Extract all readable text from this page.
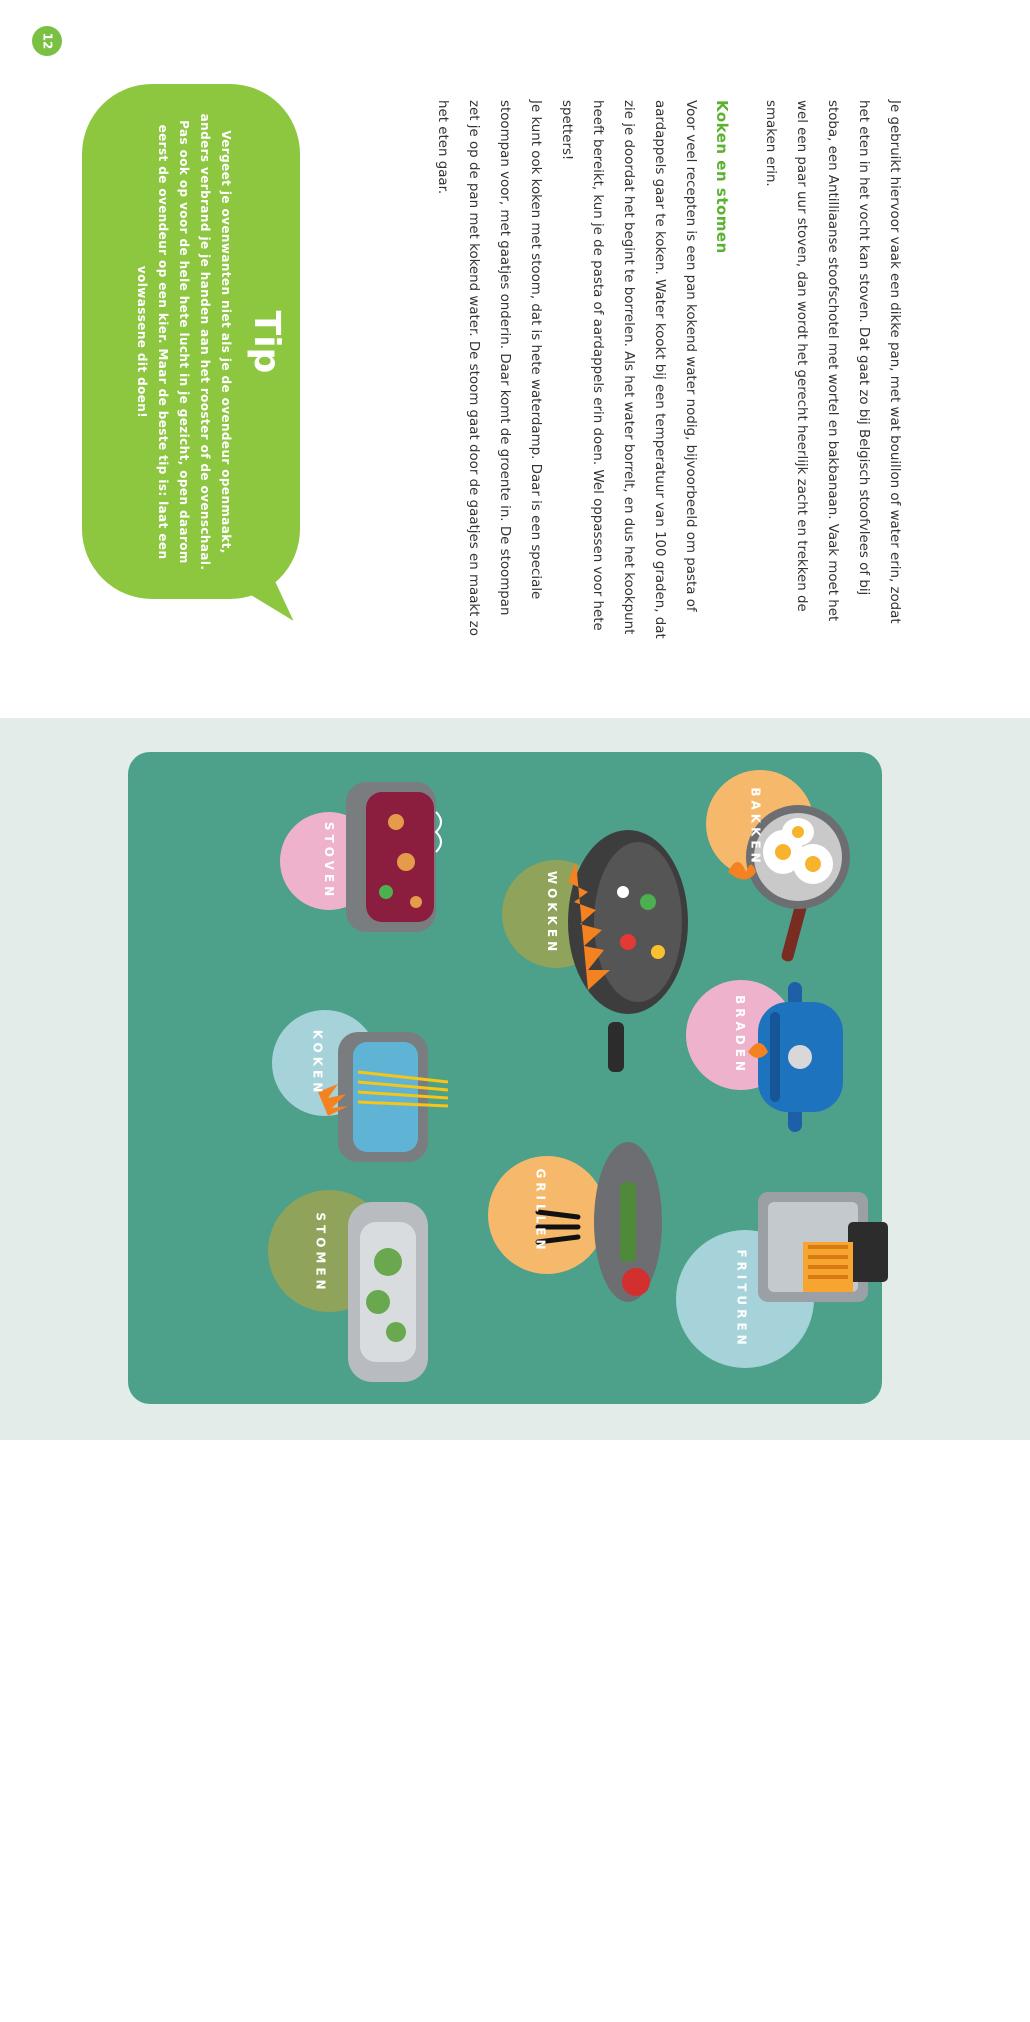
12

Je gebruikt hiervoor vaak een dikke pan, met wat bouillon of water erin, zodat het eten in het vocht kan stoven. Dat gaat zo bij Belgisch stoofvlees of bij stoba, een Antilliaanse stoofschotel met wortel en bakbanaan. Vaak moet het wel een paar uur stoven, dan wordt het gerecht heerlijk zacht en trekken de smaken erin.

Koken en stomen

Voor veel recepten is een pan kokend water nodig, bijvoorbeeld om pasta of aardappels gaar te koken. Water kookt bij een temperatuur van 100 graden, dat zie je doordat het begint te borrelen. Als het water borrelt, en dus het kookpunt heeft bereikt, kun je de pasta of aardappels erin doen. Wel oppassen voor hete spetters!

Je kunt ook koken met stoom, dat is hete waterdamp. Daar is een speciale stoompan voor, met gaatjes onderin. Daar komt de groente in. De stoompan zet je op de pan met kokend water. De stoom gaat door de gaatjes en maakt zo het eten gaar.

Tip
Vergeet je ovenwanten niet als je de ovendeur openmaakt, anders verbrand je je handen aan het rooster of de ovenschaal. Pas ook op voor de hele hete lucht in je gezicht, open daarom eerst de ovendeur op een kier. Maar de beste tip is: laat een volwassene dit doen!
BAKKEN
BRADEN
FRITUREN
WOKKEN
GRILLEN
STOVEN
KOKEN
STOMEN
Braden is iets langzaam verhitten in een dun laagje vet. Bij frituren dompel je iets in hete olie, zoals frietjes en oliebollen. En er zijn nog meer kooktechnieken!
